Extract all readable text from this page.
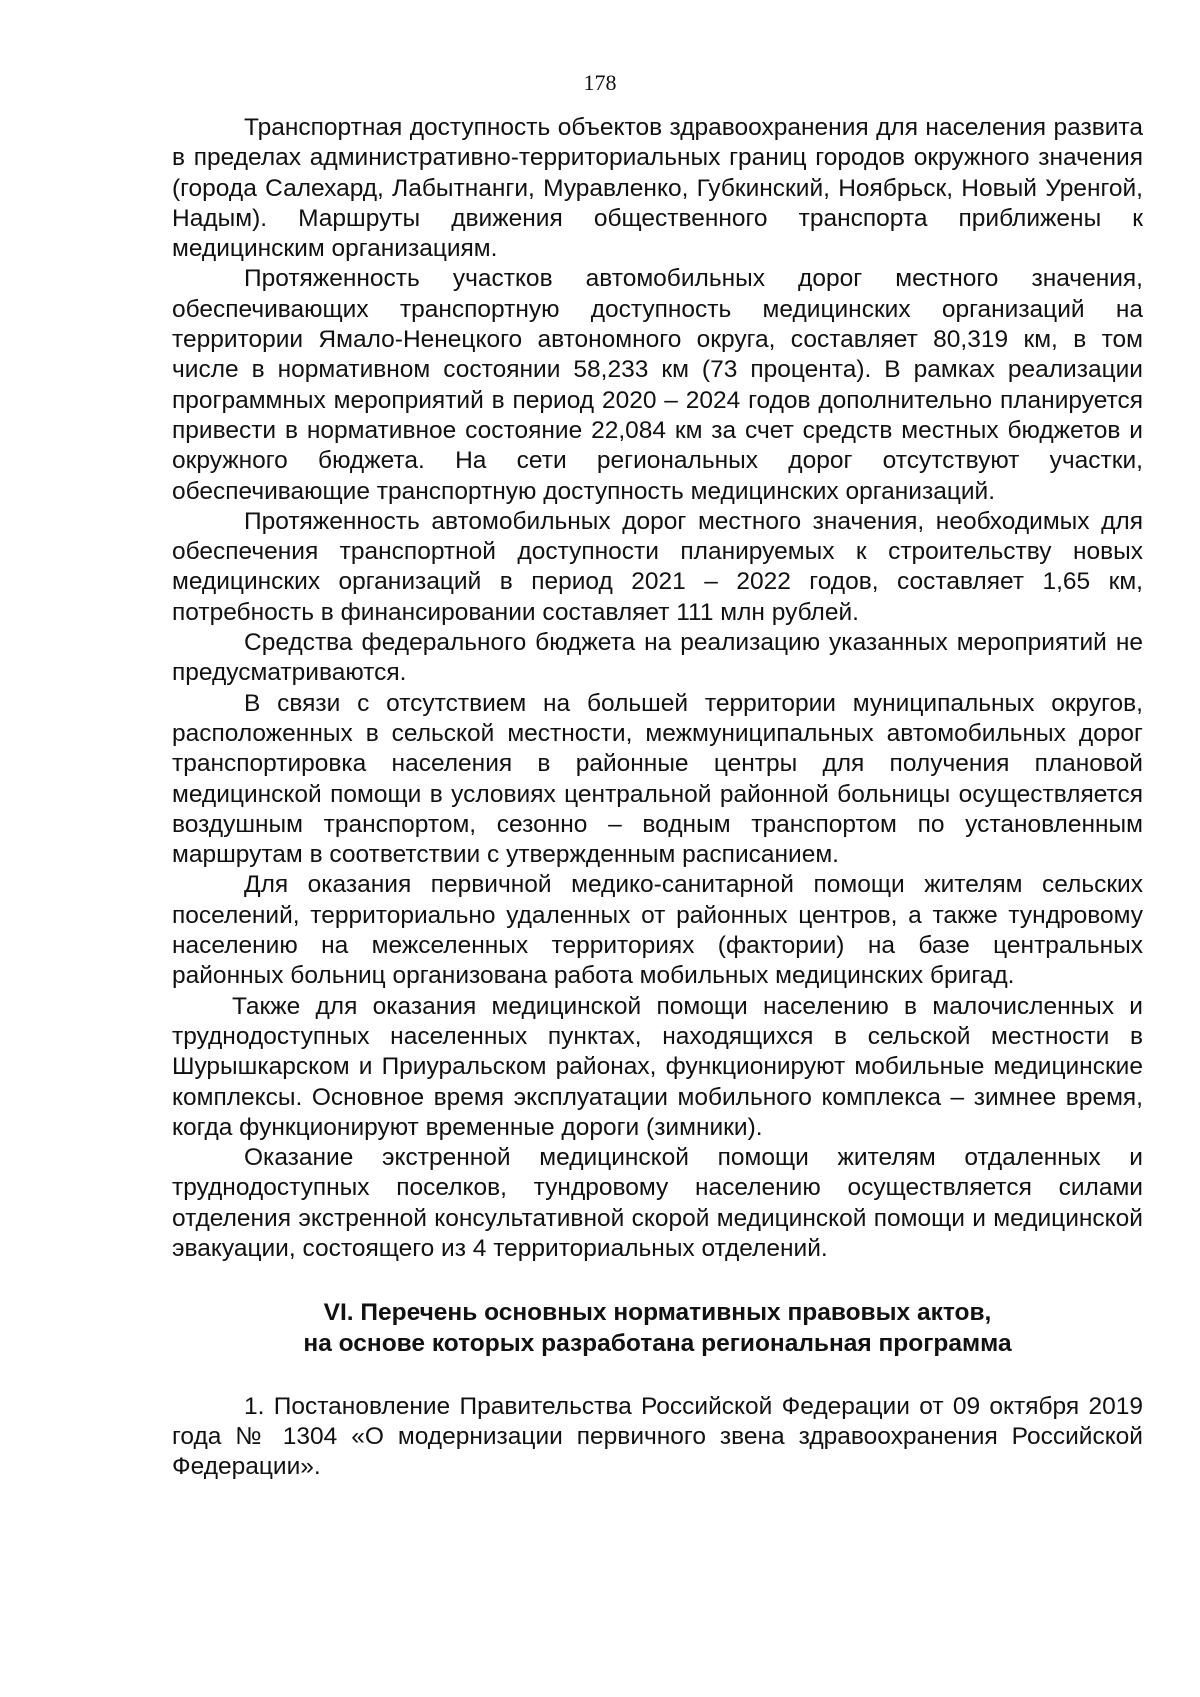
178

Транспортная доступность объектов здравоохранения для населения развита в пределах административно-территориальных границ городов окружного значения (города Салехард, Лабытнанги, Муравленко, Губкинский, Ноябрьск, Новый Уренгой, Надым). Маршруты движения общественного транспорта приближены к медицинским организациям.

Протяженность участков автомобильных дорог местного значения, обеспечивающих транспортную доступность медицинских организаций на территории Ямало-Ненецкого автономного округа, составляет 80,319 км, в том числе в нормативном состоянии 58,233 км (73 процента). В рамках реализации программных мероприятий в период 2020 – 2024 годов дополнительно планируется привести в нормативное состояние 22,084 км за счет средств местных бюджетов и окружного бюджета. На сети региональных дорог отсутствуют участки, обеспечивающие транспортную доступность медицинских организаций.

Протяженность автомобильных дорог местного значения, необходимых для обеспечения транспортной доступности планируемых к строительству новых медицинских организаций в период 2021 – 2022 годов, составляет 1,65 км, потребность в финансировании составляет 111 млн рублей.

Средства федерального бюджета на реализацию указанных мероприятий не предусматриваются.

В связи с отсутствием на большей территории муниципальных округов, расположенных в сельской местности, межмуниципальных автомобильных дорог транспортировка населения в районные центры для получения плановой медицинской помощи в условиях центральной районной больницы осуществляется воздушным транспортом, сезонно – водным транспортом по установленным маршрутам в соответствии с утвержденным расписанием.

Для оказания первичной медико-санитарной помощи жителям сельских поселений, территориально удаленных от районных центров, а также тундровому населению на межселенных территориях (фактории) на базе центральных районных больниц организована работа мобильных медицинских бригад.

Также для оказания медицинской помощи населению в малочисленных и труднодоступных населенных пунктах, находящихся в сельской местности в Шурышкарском и Приуральском районах, функционируют мобильные медицинские комплексы. Основное время эксплуатации мобильного комплекса – зимнее время, когда функционируют временные дороги (зимники).

Оказание экстренной медицинской помощи жителям отдаленных и труднодоступных поселков, тундровому населению осуществляется силами отделения экстренной консультативной скорой медицинской помощи и медицинской эвакуации, состоящего из 4 территориальных отделений.

VI. Перечень основных нормативных правовых актов,
на основе которых разработана региональная программа

1. Постановление Правительства Российской Федерации от 09 октября 2019 года № 1304 «О модернизации первичного звена здравоохранения Российской Федерации».
